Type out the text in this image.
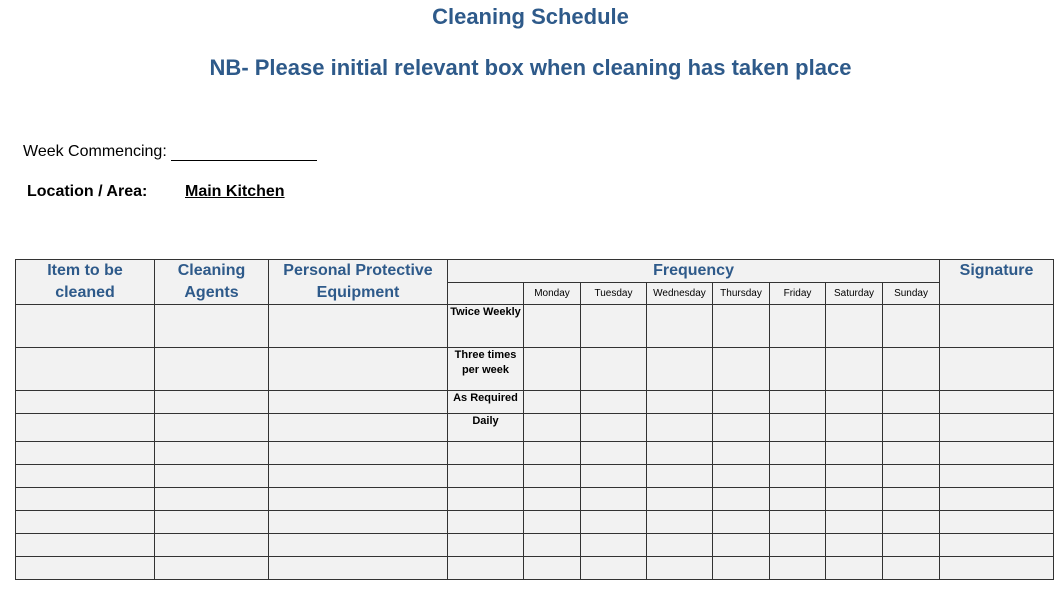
Cleaning Schedule
NB- Please initial relevant box when cleaning has taken place
Week Commencing:
Location / Area: Main Kitchen
Item to be cleaned	Cleaning Agents	Personal Protective Equipment	Frequency								Signature
				Monday	Tuesday	Wednesday	Thursday	Friday	Saturday	Sunday	
			Twice Weekly								
			Three times per week								
			As Required								
			Daily								
